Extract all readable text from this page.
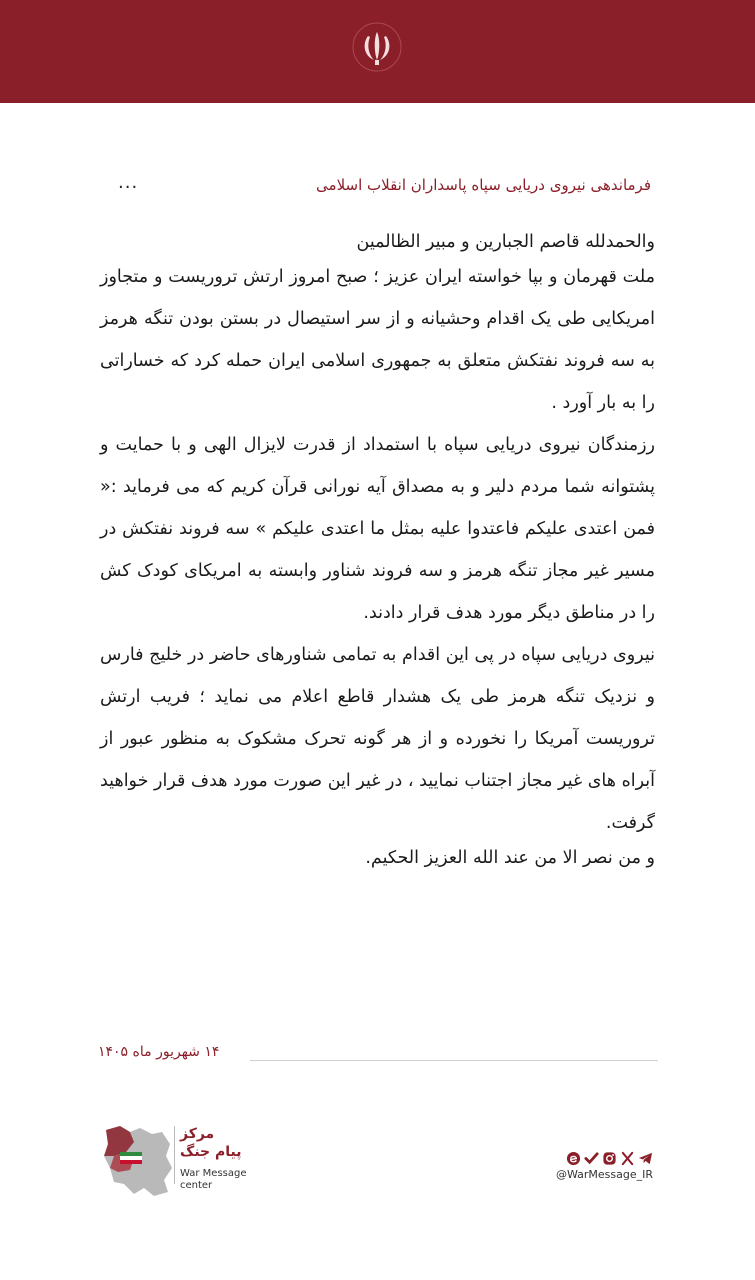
فرماندهی نیروی دریایی سپاه پاسداران انقلاب اسلامی
...

والحمدلله قاصم الجبارین و مبیر الظالمین

ملت قهرمان و بپا خواسته ایران عزیز ؛ صبح امروز ارتش تروریست و متجاوز امریکایی طی یک اقدام وحشیانه و از سر استیصال در بستن بودن تنگه هرمز به سه فروند نفتکش متعلق به جمهوری اسلامی ایران حمله کرد که خساراتی را به بار آورد .

رزمندگان نیروی دریایی سپاه با استمداد از قدرت لایزال الهی و با حمایت و پشتوانه شما مردم دلیر و به مصداق آیه نورانی قرآن کریم که می فرماید :« فمن اعتدی علیکم فاعتدوا علیه بمثل ما اعتدی علیکم » سه فروند نفتکش در مسیر غیر مجاز تنگه هرمز و سه فروند شناور وابسته به امریکای کودک کش را در مناطق دیگر مورد هدف قرار دادند.

نیروی دریایی سپاه در پی این اقدام به تمامی شناورهای حاضر در خلیج فارس و نزدیک تنگه هرمز طی یک هشدار قاطع اعلام می نماید ؛ فریب ارتش تروریست آمریکا را نخورده و از هر گونه تحرک مشکوک به منظور عبور از آبراه های غیر مجاز اجتناب نمایید ، در غیر این صورت مورد هدف قرار خواهید گرفت.

و من نصر الا من عند الله العزیز الحکیم.

۱۴ شهریور ماه ۱۴۰۵
مرکز
پیام جنگ
War Message
center
@WarMessage_IR
